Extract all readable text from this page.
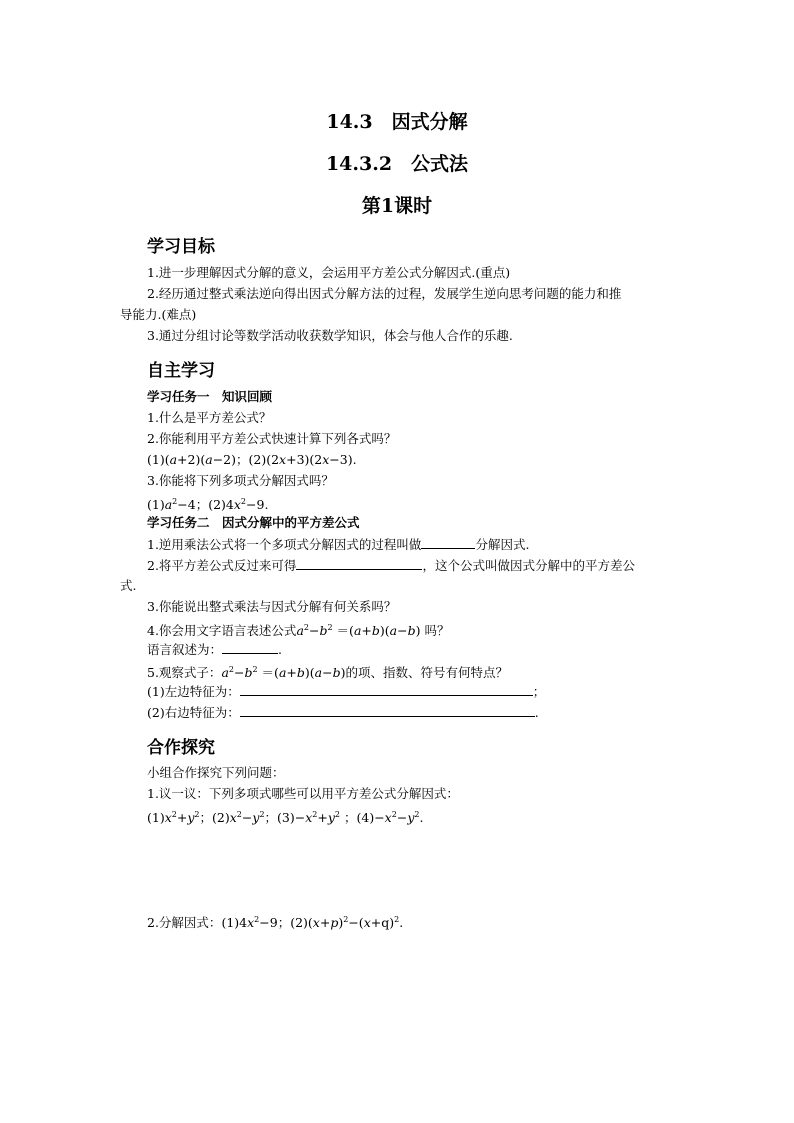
14.3　因式分解
14.3.2　公式法
第1课时
学习目标
1.进一步理解因式分解的意义，会运用平方差公式分解因式.(重点)
2.经历通过整式乘法逆向得出因式分解方法的过程，发展学生逆向思考问题的能力和推
导能力.(难点)
3.通过分组讨论等数学活动收获数学知识，体会与他人合作的乐趣.
自主学习
学习任务一　知识回顾
1.什么是平方差公式？
2.你能利用平方差公式快速计算下列各式吗？
(1)(a+2)(a−2)；(2)(2x+3)(2x−3).
3.你能将下列多项式分解因式吗？
$(1)a^2-4$；$(2)4x^2-9$.
学习任务二　因式分解中的平方差公式
1.逆用乘法公式将一个多项式分解因式的过程叫做	分解因式.
2.将平方差公式反过来可得	，这个公式叫做因式分解中的平方差公
式.
3.你能说出整式乘法与因式分解有何关系吗？
4.你会用文字语言表述公式$a^2-b^2 =(a+b)(a-b)$ 吗？
语言叙述为：	.
5.观察式子：$a^2-b^2 =(a+b)(a-b)$的项、指数、符号有何特点？
(1)左边特征为：	；
(2)右边特征为：	.
合作探究
小组合作探究下列问题：
1.议一议：下列多项式哪些可以用平方差公式分解因式：
$(1)x^2+y^2$；$(2)x^2-y^2$；$(3)-x^2+y^2$ ；$(4)-x^2-y^2$.
2.分解因式：$(1)4x^2-9$；$(2)(x+p)^2-(x+q)^2$.
